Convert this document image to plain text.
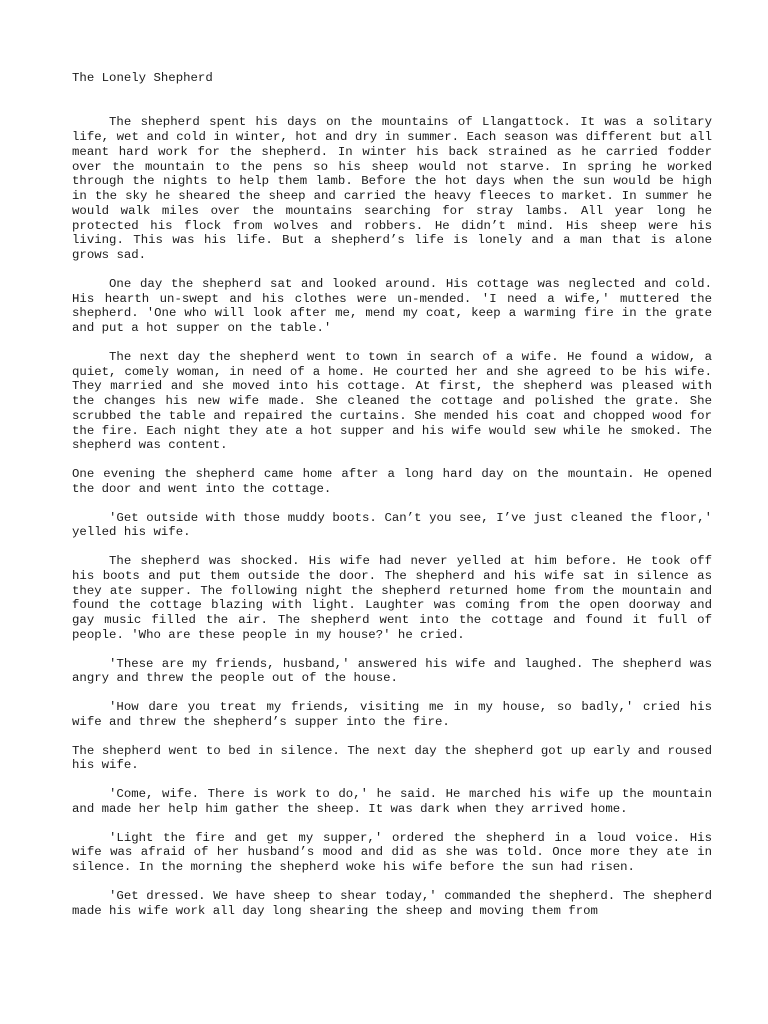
The Lonely Shepherd

The shepherd spent his days on the mountains of Llangattock. It was a solitary life, wet and cold in winter, hot and dry in summer. Each season was different but all meant hard work for the shepherd. In winter his back strained as he carried fodder over the mountain to the pens so his sheep would not starve. In spring he worked through the nights to help them lamb. Before the hot days when the sun would be high in the sky he sheared the sheep and carried the heavy fleeces to market. In summer he would walk miles over the mountains searching for stray lambs. All year long he protected his flock from wolves and robbers. He didn’t mind. His sheep were his living. This was his life. But a shepherd’s life is lonely and a man that is alone grows sad.

One day the shepherd sat and looked around. His cottage was neglected and cold. His hearth un-swept and his clothes were un-mended. 'I need a wife,' muttered the shepherd. 'One who will look after me, mend my coat, keep a warming fire in the grate and put a hot supper on the table.'

The next day the shepherd went to town in search of a wife. He found a widow, a quiet, comely woman, in need of a home. He courted her and she agreed to be his wife. They married and she moved into his cottage. At first, the shepherd was pleased with the changes his new wife made. She cleaned the cottage and polished the grate. She scrubbed the table and repaired the curtains. She mended his coat and chopped wood for the fire. Each night they ate a hot supper and his wife would sew while he smoked. The shepherd was content.

One evening the shepherd came home after a long hard day on the mountain. He opened the door and went into the cottage.

'Get outside with those muddy boots. Can’t you see, I’ve just cleaned the floor,' yelled his wife.

The shepherd was shocked. His wife had never yelled at him before. He took off his boots and put them outside the door. The shepherd and his wife sat in silence as they ate supper. The following night the shepherd returned home from the mountain and found the cottage blazing with light. Laughter was coming from the open doorway and gay music filled the air. The shepherd went into the cottage and found it full of people. 'Who are these people in my house?' he cried.

'These are my friends, husband,' answered his wife and laughed. The shepherd was angry and threw the people out of the house.

'How dare you treat my friends, visiting me in my house, so badly,' cried his wife and threw the shepherd’s supper into the fire.

The shepherd went to bed in silence. The next day the shepherd got up early and roused his wife.

'Come, wife. There is work to do,' he said. He marched his wife up the mountain and made her help him gather the sheep. It was dark when they arrived home.

'Light the fire and get my supper,' ordered the shepherd in a loud voice. His wife was afraid of her husband’s mood and did as she was told. Once more they ate in silence. In the morning the shepherd woke his wife before the sun had risen.

'Get dressed. We have sheep to shear today,' commanded the shepherd. The shepherd made his wife work all day long shearing the sheep and moving them from
